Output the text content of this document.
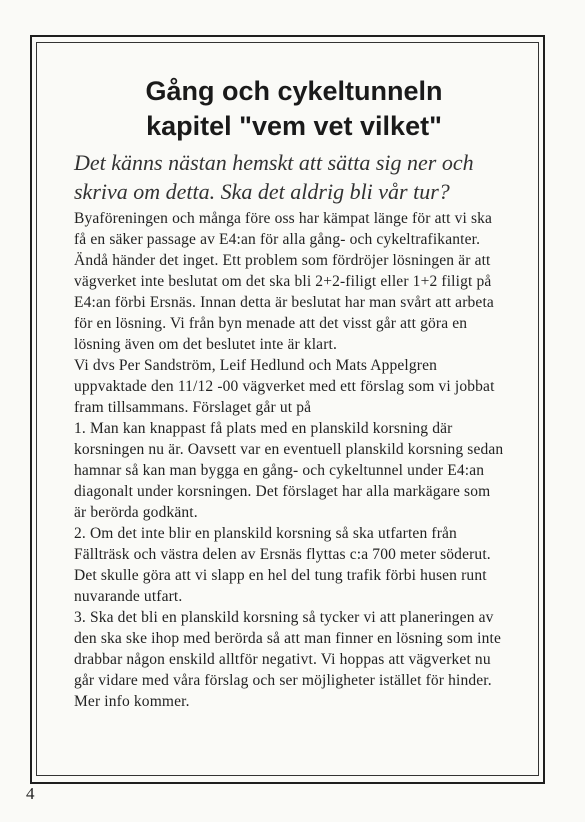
Gång och cykeltunneln
kapitel "vem vet vilket"

Det känns nästan hemskt att sätta sig ner och skriva om detta. Ska det aldrig bli vår tur?

Byaföreningen och många före oss har kämpat länge för att vi ska få en säker passage av E4:an för alla gång- och cykeltrafikanter. Ändå händer det inget. Ett problem som fördröjer lösningen är att vägverket inte beslutat om det ska bli 2+2-filigt eller 1+2 filigt på E4:an förbi Ersnäs. Innan detta är beslutat har man svårt att arbeta för en lösning. Vi från byn menade att det visst går att göra en lösning även om det beslutet inte är klart.

Vi dvs Per Sandström, Leif Hedlund och Mats Appelgren uppvaktade den 11/12 -00 vägverket med ett förslag som vi jobbat fram tillsammans. Förslaget går ut på

1. Man kan knappast få plats med en planskild korsning där korsningen nu är. Oavsett var en eventuell planskild korsning sedan hamnar så kan man bygga en gång- och cykeltunnel under E4:an diagonalt under korsningen. Det förslaget har alla markägare som är berörda godkänt.

2. Om det inte blir en planskild korsning så ska utfarten från Fällträsk och västra delen av Ersnäs flyttas c:a 700 meter söderut. Det skulle göra att vi slapp en hel del tung trafik förbi husen runt nuvarande utfart.

3. Ska det bli en planskild korsning så tycker vi att planeringen av den ska ske ihop med berörda så att man finner en lösning som inte drabbar någon enskild alltför negativt. Vi hoppas att vägverket nu går vidare med våra förslag och ser möjligheter istället för hinder. Mer info kommer.

4
